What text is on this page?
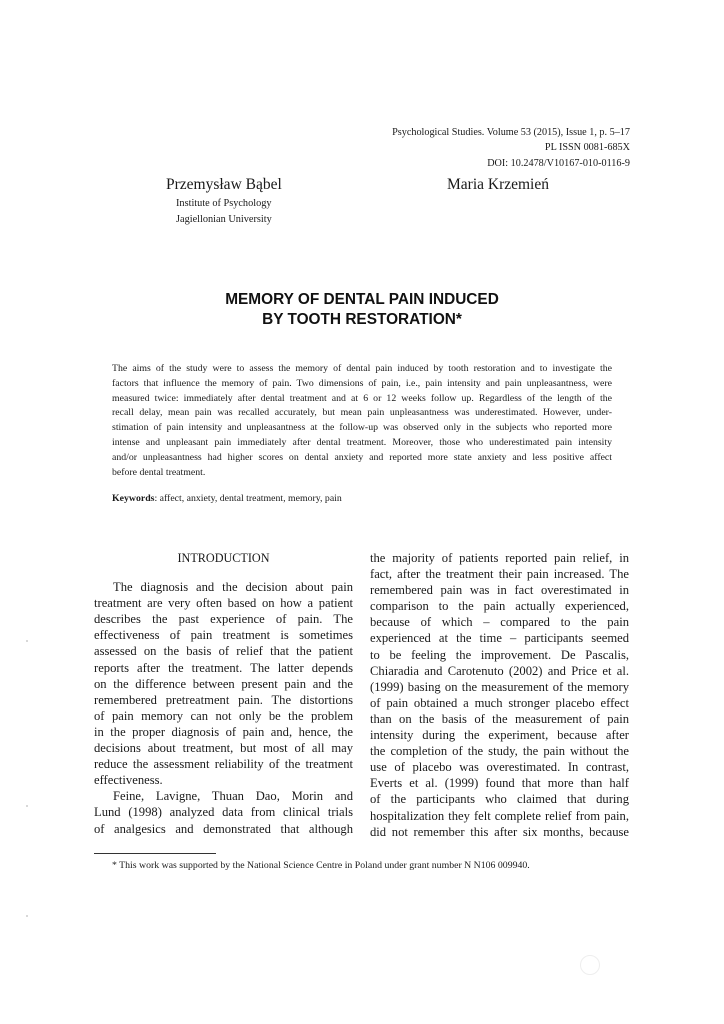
Psychological Studies. Volume 53 (2015), Issue 1, p. 5–17
PL ISSN 0081-685X
DOI: 10.2478/V10167-010-0116-9
Przemysław Bąbel
Institute of Psychology
Jagiellonian University
Maria Krzemień
MEMORY OF DENTAL PAIN INDUCED
BY TOOTH RESTORATION*
The aims of the study were to assess the memory of dental pain induced by tooth restoration and to investigate the
factors that influence the memory of pain. Two dimensions of pain, i.e., pain intensity and pain unpleasantness, were
measured twice: immediately after dental treatment and at 6 or 12 weeks follow up. Regardless of the length of the
recall delay, mean pain was recalled accurately, but mean pain unpleasantness was underestimated. However, under-
stimation of pain intensity and unpleasantness at the follow-up was observed only in the subjects who reported more
intense and unpleasant pain immediately after dental treatment. Moreover, those who underestimated pain intensity
and/or unpleasantness had higher scores on dental anxiety and reported more state anxiety and less positive affect
before dental treatment.
Keywords: affect, anxiety, dental treatment, memory, pain
INTRODUCTION
The diagnosis and the decision about pain
treatment are very often based on how a patient
describes the past experience of pain. The
effectiveness of pain treatment is sometimes
assessed on the basis of relief that the patient
reports after the treatment. The latter depends
on the difference between present pain and the
remembered pretreatment pain. The distortions
of pain memory can not only be the problem
in the proper diagnosis of pain and, hence, the
decisions about treatment, but most of all may
reduce the assessment reliability of the treatment
effectiveness.
Feine, Lavigne, Thuan Dao, Morin and
Lund (1998) analyzed data from clinical trials
of analgesics and demonstrated that although
the majority of patients reported pain relief, in
fact, after the treatment their pain increased. The
remembered pain was in fact overestimated in
comparison to the pain actually experienced,
because of which – compared to the pain
experienced at the time – participants seemed
to be feeling the improvement. De Pascalis,
Chiaradia and Carotenuto (2002) and Price et al.
(1999) basing on the measurement of the memory
of pain obtained a much stronger placebo effect
than on the basis of the measurement of pain
intensity during the experiment, because after
the completion of the study, the pain without the
use of placebo was overestimated. In contrast,
Everts et al. (1999) found that more than half
of the participants who claimed that during
hospitalization they felt complete relief from pain,
did not remember this after six months, because
* This work was supported by the National Science Centre in Poland under grant number N N106 009940.
